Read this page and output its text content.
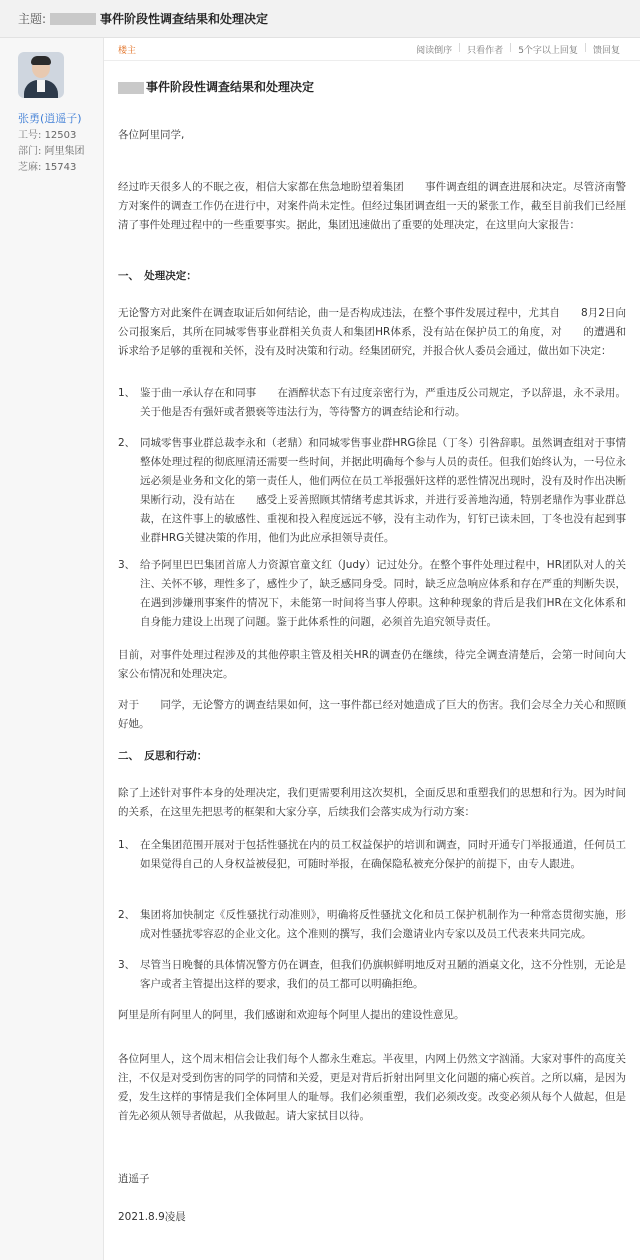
主题:	事件阶段性调查结果和处理决定
张勇(逍遥子)
工号: 12503
部门: 阿里集团
芝麻: 15743
楼主	阅读倒序 | 只看作者 | 5个字以上回复 | 馈回复
事件阶段性调查结果和处理决定

各位阿里同学,

经过昨天很多人的不眠之夜，相信大家都在焦急地盼望着集团　　事件调查组的调查进展和决定。尽管济南警方对案件的调查工作仍在进行中，对案件尚未定性。但经过集团调查组一天的紧张工作，截至目前我们已经厘清了事件处理过程中的一些重要事实。据此，集团迅速做出了重要的处理决定，在这里向大家报告：

一、　处理决定：

无论警方对此案件在调查取证后如何结论，曲一是否构成违法，在整个事件发展过程中，尤其自　　8月2日向公司报案后，其所在同城零售事业群相关负责人和集团HR体系，没有站在保护员工的角度，对　　的遭遇和诉求给予足够的重视和关怀，没有及时决策和行动。经集团研究，并报合伙人委员会通过，做出如下决定：

1、 鉴于曲一承认存在和同事　　在酒醉状态下有过度亲密行为，严重违反公司规定，予以辞退，永不录用。关于他是否有强奸或者猥亵等违法行为，等待警方的调查结论和行动。
2、 同城零售事业群总裁李永和（老鼎）和同城零售事业群HRG徐昆（丁冬）引咎辞职。虽然调查组对于事情整体处理过程的彻底厘清还需要一些时间，并据此明确每个参与人员的责任。但我们始终认为，一号位永远必须是业务和文化的第一责任人，他们两位在员工举报强奸这样的恶性情况出现时，没有及时作出决断果断行动，没有站在　　感受上妥善照顾其情绪考虑其诉求，并进行妥善地沟通，特别老鼎作为事业群总裁，在这件事上的敏感性、重视和投入程度远远不够，没有主动作为，钉钉已读未回，丁冬也没有起到事业群HRG关键决策的作用，他们为此应承担领导责任。
3、 给予阿里巴巴集团首席人力资源官童文红（Judy）记过处分。在整个事件处理过程中，HR团队对人的关注、关怀不够，理性多了，感性少了，缺乏感同身受。同时，缺乏应急响应体系和存在严重的判断失误，在遇到涉嫌刑事案件的情况下，未能第一时间将当事人停职。这种种现象的背后是我们HR在文化体系和自身能力建设上出现了问题。鉴于此体系性的问题，必须首先追究领导责任。

目前，对事件处理过程涉及的其他停职主管及相关HR的调查仍在继续，待完全调查清楚后，会第一时间向大家公布情况和处理决定。

对于　　同学，无论警方的调查结果如何，这一事件都已经对她造成了巨大的伤害。我们会尽全力关心和照顾好她。

二、　反思和行动：

除了上述针对事件本身的处理决定，我们更需要利用这次契机，全面反思和重塑我们的思想和行为。因为时间的关系，在这里先把思考的框架和大家分享，后续我们会落实成为行动方案：

1、 在全集团范围开展对于包括性骚扰在内的员工权益保护的培训和调查，同时开通专门举报通道，任何员工如果觉得自己的人身权益被侵犯，可随时举报，在确保隐私被充分保护的前提下，由专人跟进。
2、 集团将加快制定《反性骚扰行动准则》，明确将反性骚扰文化和员工保护机制作为一种常态贯彻实施，形成对性骚扰零容忍的企业文化。这个准则的撰写，我们会邀请业内专家以及员工代表来共同完成。
3、 尽管当日晚餐的具体情况警方仍在调查，但我们仍旗帜鲜明地反对丑陋的酒桌文化，这不分性别，无论是客户或者主管提出这样的要求，我们的员工都可以明确拒绝。

阿里是所有阿里人的阿里，我们感谢和欢迎每个阿里人提出的建设性意见。

各位阿里人，这个周末相信会让我们每个人都永生难忘。半夜里，内网上仍然文字汹涌。大家对事件的高度关注，不仅是对受到伤害的同学的同情和关爱，更是对背后折射出阿里文化问题的痛心疾首。之所以痛，是因为爱，发生这样的事情是我们全体阿里人的耻辱。我们必须重塑，我们必须改变。改变必须从每个人做起，但是首先必须从领导者做起，从我做起。请大家拭目以待。

逍遥子

2021.8.9凌晨
